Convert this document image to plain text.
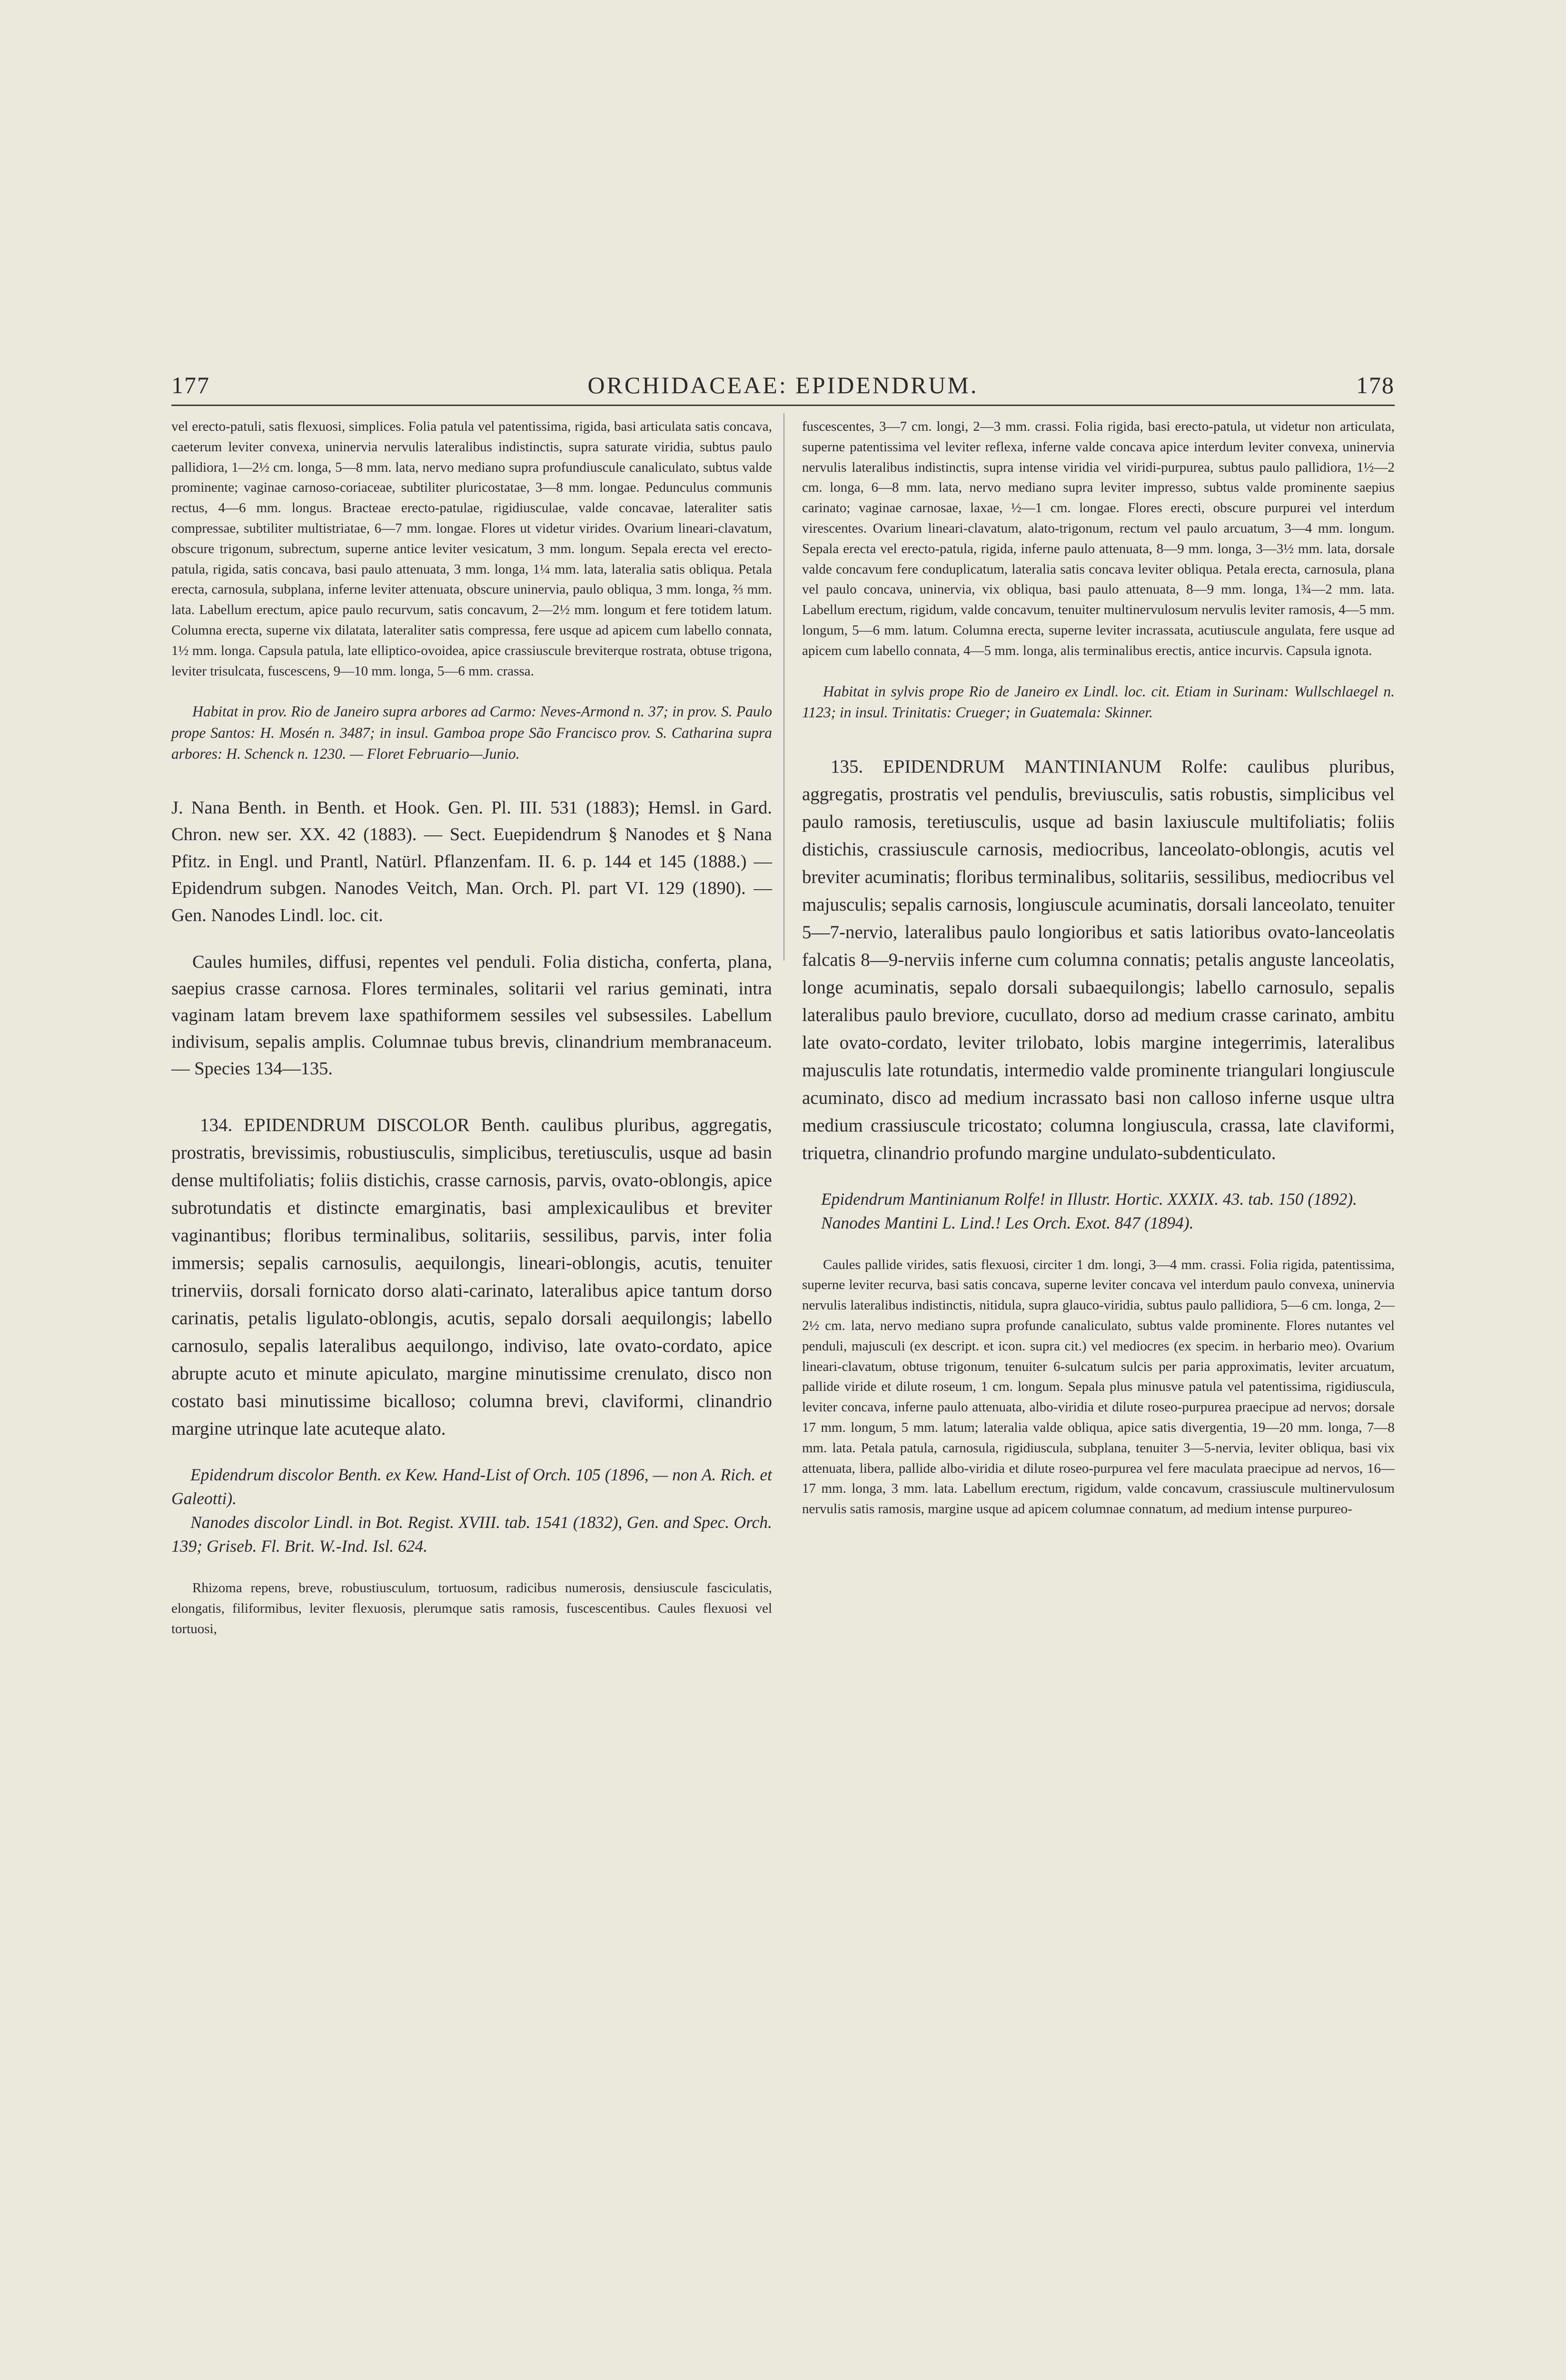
177	ORCHIDACEAE: EPIDENDRUM.	178

vel erecto-patuli, satis flexuosi, simplices. Folia patula vel patentissima, rigida, basi articulata satis concava, caeterum leviter convexa, uninervia nervulis lateralibus indistinctis, supra saturate viridia, subtus paulo pallidiora, 1—2½ cm. longa, 5—8 mm. lata, nervo mediano supra profundiuscule canaliculato, subtus valde prominente; vaginae carnoso-coriaceae, subtiliter pluricostatae, 3—8 mm. longae. Pedunculus communis rectus, 4—6 mm. longus. Bracteae erecto-patulae, rigidiusculae, valde concavae, lateraliter satis compressae, subtiliter multistriatae, 6—7 mm. longae. Flores ut videtur virides. Ovarium lineari-clavatum, obscure trigonum, subrectum, superne antice leviter vesicatum, 3 mm. longum. Sepala erecta vel erecto-patula, rigida, satis concava, basi paulo attenuata, 3 mm. longa, 1¼ mm. lata, lateralia satis obliqua. Petala erecta, carnosula, subplana, inferne leviter attenuata, obscure uninervia, paulo obliqua, 3 mm. longa, ⅔ mm. lata. Labellum erectum, apice paulo recurvum, satis concavum, 2—2½ mm. longum et fere totidem latum. Columna erecta, superne vix dilatata, lateraliter satis compressa, fere usque ad apicem cum labello connata, 1½ mm. longa. Capsula patula, late elliptico-ovoidea, apice crassiuscule breviterque rostrata, obtuse trigona, leviter trisulcata, fuscescens, 9—10 mm. longa, 5—6 mm. crassa.

Habitat in prov. Rio de Janeiro supra arbores ad Carmo: Neves-Armond n. 37; in prov. S. Paulo prope Santos: H. Mosén n. 3487; in insul. Gamboa prope São Francisco prov. S. Catharina supra arbores: H. Schenck n. 1230. — Floret Februario—Junio.

J. Nana Benth. in Benth. et Hook. Gen. Pl. III. 531 (1883); Hemsl. in Gard. Chron. new ser. XX. 42 (1883). — Sect. Euepidendrum § Nanodes et § Nana Pfitz. in Engl. und Prantl, Natürl. Pflanzenfam. II. 6. p. 144 et 145 (1888.) — Epidendrum subgen. Nanodes Veitch, Man. Orch. Pl. part VI. 129 (1890). — Gen. Nanodes Lindl. loc. cit.

Caules humiles, diffusi, repentes vel penduli. Folia disticha, conferta, plana, saepius crasse carnosa. Flores terminales, solitarii vel rarius geminati, intra vaginam latam brevem laxe spathiformem sessiles vel subsessiles. Labellum indivisum, sepalis amplis. Columnae tubus brevis, clinandrium membranaceum. — Species 134—135.

134. EPIDENDRUM DISCOLOR Benth. caulibus pluribus, aggregatis, prostratis, brevissimis, robustiusculis, simplicibus, teretiusculis, usque ad basin dense multifoliatis; foliis distichis, crasse carnosis, parvis, ovato-oblongis, apice subrotundatis et distincte emarginatis, basi amplexicaulibus et breviter vaginantibus; floribus terminalibus, solitariis, sessilibus, parvis, inter folia immersis; sepalis carnosulis, aequilongis, lineari-oblongis, acutis, tenuiter trinerviis, dorsali fornicato dorso alati-carinato, lateralibus apice tantum dorso carinatis, petalis ligulato-oblongis, acutis, sepalo dorsali aequilongis; labello carnosulo, sepalis lateralibus aequilongo, indiviso, late ovato-cordato, apice abrupte acuto et minute apiculato, margine minutissime crenulato, disco non costato basi minutissime bicalloso; columna brevi, claviformi, clinandrio margine utrinque late acuteque alato.

Epidendrum discolor Benth. ex Kew. Hand-List of Orch. 105 (1896, — non A. Rich. et Galeotti).

Nanodes discolor Lindl. in Bot. Regist. XVIII. tab. 1541 (1832), Gen. and Spec. Orch. 139; Griseb. Fl. Brit. W.-Ind. Isl. 624.

Rhizoma repens, breve, robustiusculum, tortuosum, radicibus numerosis, densiuscule fasciculatis, elongatis, filiformibus, leviter flexuosis, plerumque satis ramosis, fuscescentibus. Caules flexuosi vel tortuosi,

fuscescentes, 3—7 cm. longi, 2—3 mm. crassi. Folia rigida, basi erecto-patula, ut videtur non articulata, superne patentissima vel leviter reflexa, inferne valde concava apice interdum leviter convexa, uninervia nervulis lateralibus indistinctis, supra intense viridia vel viridi-purpurea, subtus paulo pallidiora, 1½—2 cm. longa, 6—8 mm. lata, nervo mediano supra leviter impresso, subtus valde prominente saepius carinato; vaginae carnosae, laxae, ½—1 cm. longae. Flores erecti, obscure purpurei vel interdum virescentes. Ovarium lineari-clavatum, alato-trigonum, rectum vel paulo arcuatum, 3—4 mm. longum. Sepala erecta vel erecto-patula, rigida, inferne paulo attenuata, 8—9 mm. longa, 3—3½ mm. lata, dorsale valde concavum fere conduplicatum, lateralia satis concava leviter obliqua. Petala erecta, carnosula, plana vel paulo concava, uninervia, vix obliqua, basi paulo attenuata, 8—9 mm. longa, 1¾—2 mm. lata. Labellum erectum, rigidum, valde concavum, tenuiter multinervulosum nervulis leviter ramosis, 4—5 mm. longum, 5—6 mm. latum. Columna erecta, superne leviter incrassata, acutiuscule angulata, fere usque ad apicem cum labello connata, 4—5 mm. longa, alis terminalibus erectis, antice incurvis. Capsula ignota.

Habitat in sylvis prope Rio de Janeiro ex Lindl. loc. cit. Etiam in Surinam: Wullschlaegel n. 1123; in insul. Trinitatis: Crueger; in Guatemala: Skinner.

135. EPIDENDRUM MANTINIANUM Rolfe: caulibus pluribus, aggregatis, prostratis vel pendulis, breviusculis, satis robustis, simplicibus vel paulo ramosis, teretiusculis, usque ad basin laxiuscule multifoliatis; foliis distichis, crassiuscule carnosis, mediocribus, lanceolato-oblongis, acutis vel breviter acuminatis; floribus terminalibus, solitariis, sessilibus, mediocribus vel majusculis; sepalis carnosis, longiuscule acuminatis, dorsali lanceolato, tenuiter 5—7-nervio, lateralibus paulo longioribus et satis latioribus ovato-lanceolatis falcatis 8—9-nerviis inferne cum columna connatis; petalis anguste lanceolatis, longe acuminatis, sepalo dorsali subaequilongis; labello carnosulo, sepalis lateralibus paulo breviore, cucullato, dorso ad medium crasse carinato, ambitu late ovato-cordato, leviter trilobato, lobis margine integerrimis, lateralibus majusculis late rotundatis, intermedio valde prominente triangulari longiuscule acuminato, disco ad medium incrassato basi non calloso inferne usque ultra medium crassiuscule tricostato; columna longiuscula, crassa, late claviformi, triquetra, clinandrio profundo margine undulato-subdenticulato.

Epidendrum Mantinianum Rolfe! in Illustr. Hortic. XXXIX. 43. tab. 150 (1892).

Nanodes Mantini L. Lind.! Les Orch. Exot. 847 (1894).

Caules pallide virides, satis flexuosi, circiter 1 dm. longi, 3—4 mm. crassi. Folia rigida, patentissima, superne leviter recurva, basi satis concava, superne leviter concava vel interdum paulo convexa, uninervia nervulis lateralibus indistinctis, nitidula, supra glauco-viridia, subtus paulo pallidiora, 5—6 cm. longa, 2—2½ cm. lata, nervo mediano supra profunde canaliculato, subtus valde prominente. Flores nutantes vel penduli, majusculi (ex descript. et icon. supra cit.) vel mediocres (ex specim. in herbario meo). Ovarium lineari-clavatum, obtuse trigonum, tenuiter 6-sulcatum sulcis per paria approximatis, leviter arcuatum, pallide viride et dilute roseum, 1 cm. longum. Sepala plus minusve patula vel patentissima, rigidiuscula, leviter concava, inferne paulo attenuata, albo-viridia et dilute roseo-purpurea praecipue ad nervos; dorsale 17 mm. longum, 5 mm. latum; lateralia valde obliqua, apice satis divergentia, 19—20 mm. longa, 7—8 mm. lata. Petala patula, carnosula, rigidiuscula, subplana, tenuiter 3—5-nervia, leviter obliqua, basi vix attenuata, libera, pallide albo-viridia et dilute roseo-purpurea vel fere maculata praecipue ad nervos, 16—17 mm. longa, 3 mm. lata. Labellum erectum, rigidum, valde concavum, crassiuscule multinervulosum nervulis satis ramosis, margine usque ad apicem columnae connatum, ad medium intense purpureo-
